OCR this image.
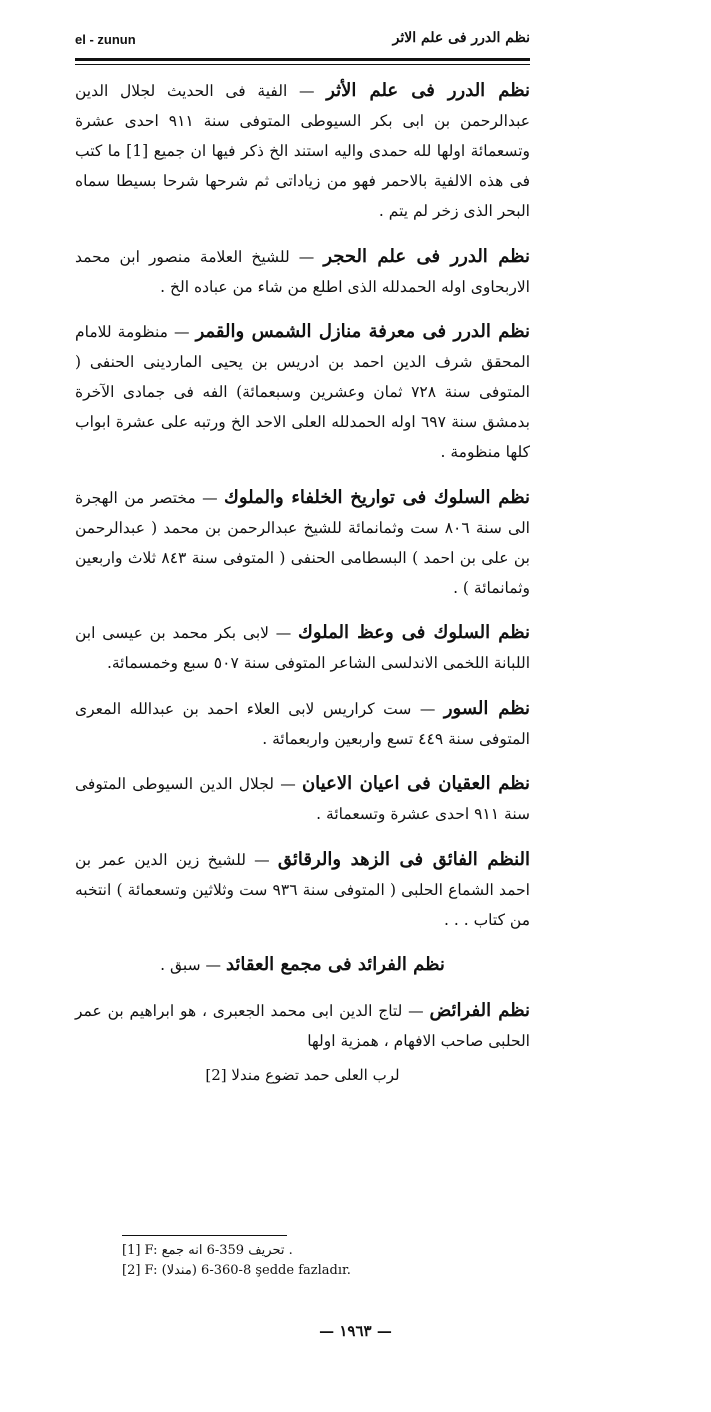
el - zunun	نظم الدرر فى علم الاثر

نظم الدرر فى علم الأثر — الفية فى الحديث لجلال الدين عبدالرحمن بن ابى بكر السيوطى المتوفى سنة ٩١١ احدى عشرة وتسعمائة اولها لله حمدى واليه استند الخ ذكر فيها ان جميع [1] ما كتب فى هذه الالفية بالاحمر فهو من زياداتى ثم شرحها شرحا بسيطا سماه البحر الذى زخر لم يتم .

نظم الدرر فى علم الحجر — للشيخ العلامة منصور ابن محمد الاربحاوى اوله الحمدلله الذى اطلع من شاء من عباده الخ .

نظم الدرر فى معرفة منازل الشمس والقمر — منظومة للامام المحقق شرف الدين احمد بن ادريس بن يحيى الماردينى الحنفى ( المتوفى سنة ٧٢٨ ثمان وعشرين وسبعمائة) الفه فى جمادى الآخرة بدمشق سنة ٦٩٧ اوله الحمدلله العلى الاحد الخ ورتبه على عشرة ابواب كلها منظومة .

نظم السلوك فى تواريخ الخلفاء والملوك — مختصر من الهجرة الى سنة ٨٠٦ ست وثمانمائة للشيخ عبدالرحمن بن محمد ( عبدالرحمن بن على بن احمد ) البسطامى الحنفى ( المتوفى سنة ٨٤٣ ثلاث واربعين وثمانمائة ) .

نظم السلوك فى وعظ الملوك — لابى بكر محمد بن عيسى ابن اللبانة اللخمى الاندلسى الشاعر المتوفى سنة ٥٠٧ سبع وخمسمائة.

نظم السور — ست كراريس لابى العلاء احمد بن عبدالله المعرى المتوفى سنة ٤٤٩ تسع واربعين واربعمائة .

نظم العقيان فى اعيان الاعيان — لجلال الدين السيوطى المتوفى سنة ٩١١ احدى عشرة وتسعمائة .

النظم الفائق فى الزهد والرقائق — للشيخ زين الدين عمر بن احمد الشماع الحلبى ( المتوفى سنة ٩٣٦ ست وثلاثين وتسعمائة ) انتخبه من كتاب . . .

نظم الفرائد فى مجمع العقائد — سبق .

نظم الفرائض — لتاج الدين ابى محمد الجعبرى ، هو ابراهيم بن عمر الحلبى صاحب الافهام ، همزية اولها

لرب العلى حمد تضوع مندلا [2]
[1] F: تحريف 359-6 انه جمع .
[2] F: (مندلا) 8-360-6 şedde fazladır.
— ١٩٦٣ —
